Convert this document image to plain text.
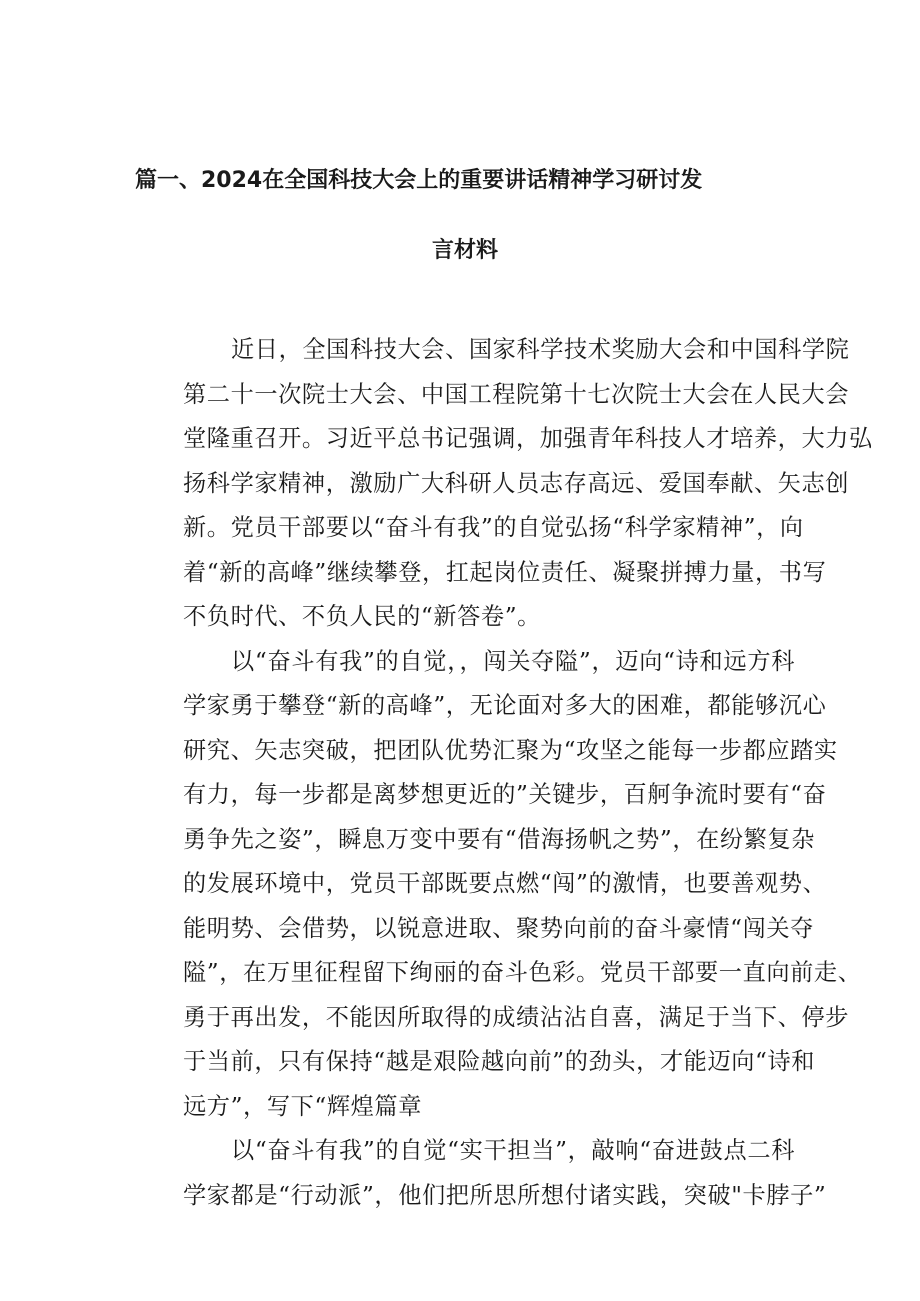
篇一、2024在全国科技大会上的重要讲话精神学习研讨发
言材料

近日，全国科技大会、国家科学技术奖励大会和中国科学院
第二十一次院士大会、中国工程院第十七次院士大会在人民大会
堂隆重召开。习近平总书记强调，加强青年科技人才培养，大力弘
扬科学家精神，激励广大科研人员志存高远、爱国奉献、矢志创
新。党员干部要以“奋斗有我”的自觉弘扬“科学家精神”，向
着“新的高峰”继续攀登，扛起岗位责任、凝聚拼搏力量，书写
不负时代、不负人民的“新答卷”。

以“奋斗有我”的自觉，，闯关夺隘”，迈向“诗和远方科
学家勇于攀登“新的高峰”，无论面对多大的困难，都能够沉心
研究、矢志突破，把团队优势汇聚为“攻坚之能每一步都应踏实
有力，每一步都是离梦想更近的”关键步，百舸争流时要有“奋
勇争先之姿”，瞬息万变中要有“借海扬帆之势”，在纷繁复杂
的发展环境中，党员干部既要点燃“闯”的激情，也要善观势、
能明势、会借势，以锐意进取、聚势向前的奋斗豪情“闯关夺
隘”，在万里征程留下绚丽的奋斗色彩。党员干部要一直向前走、
勇于再出发，不能因所取得的成绩沾沾自喜，满足于当下、停步
于当前，只有保持“越是艰险越向前”的劲头，才能迈向“诗和
远方”，写下“辉煌篇章

以“奋斗有我”的自觉“实干担当”，敲响“奋进鼓点二科
学家都是“行动派”，他们把所思所想付诸实践，突破"卡脖子”
